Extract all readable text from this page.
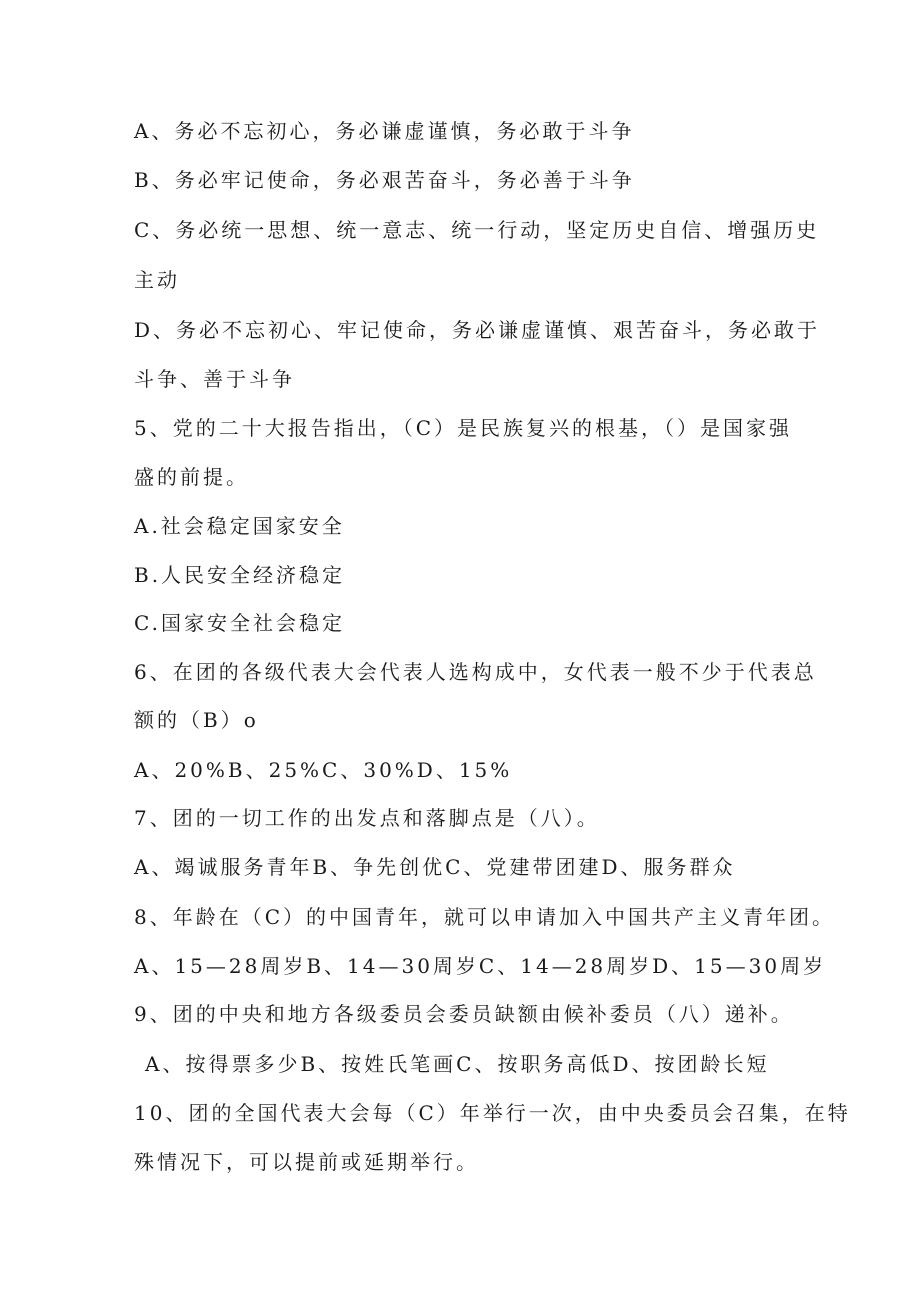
A、务必不忘初心，务必谦虚谨慎，务必敢于斗争

B、务必牢记使命，务必艰苦奋斗，务必善于斗争

C、务必统一思想、统一意志、统一行动，坚定历史自信、增强历史

主动

D、务必不忘初心、牢记使命，务必谦虚谨慎、艰苦奋斗，务必敢于

斗争、善于斗争

5、党的二十大报告指出，（C）是民族复兴的根基，（）是国家强

盛的前提。

A.社会稳定国家安全

B.人民安全经济稳定

C.国家安全社会稳定

6、在团的各级代表大会代表人选构成中，女代表一般不少于代表总

额的（B）o

A、20%B、25%C、30%D、15%

7、团的一切工作的出发点和落脚点是（八）。

A、竭诚服务青年B、争先创优C、党建带团建D、服务群众

8、年龄在（C）的中国青年，就可以申请加入中国共产主义青年团。

A、15—28周岁B、14—30周岁C、14—28周岁D、15—30周岁

9、团的中央和地方各级委员会委员缺额由候补委员（八）递补。

A、按得票多少B、按姓氏笔画C、按职务高低D、按团龄长短

10、团的全国代表大会每（C）年举行一次，由中央委员会召集，在特

殊情况下，可以提前或延期举行。
